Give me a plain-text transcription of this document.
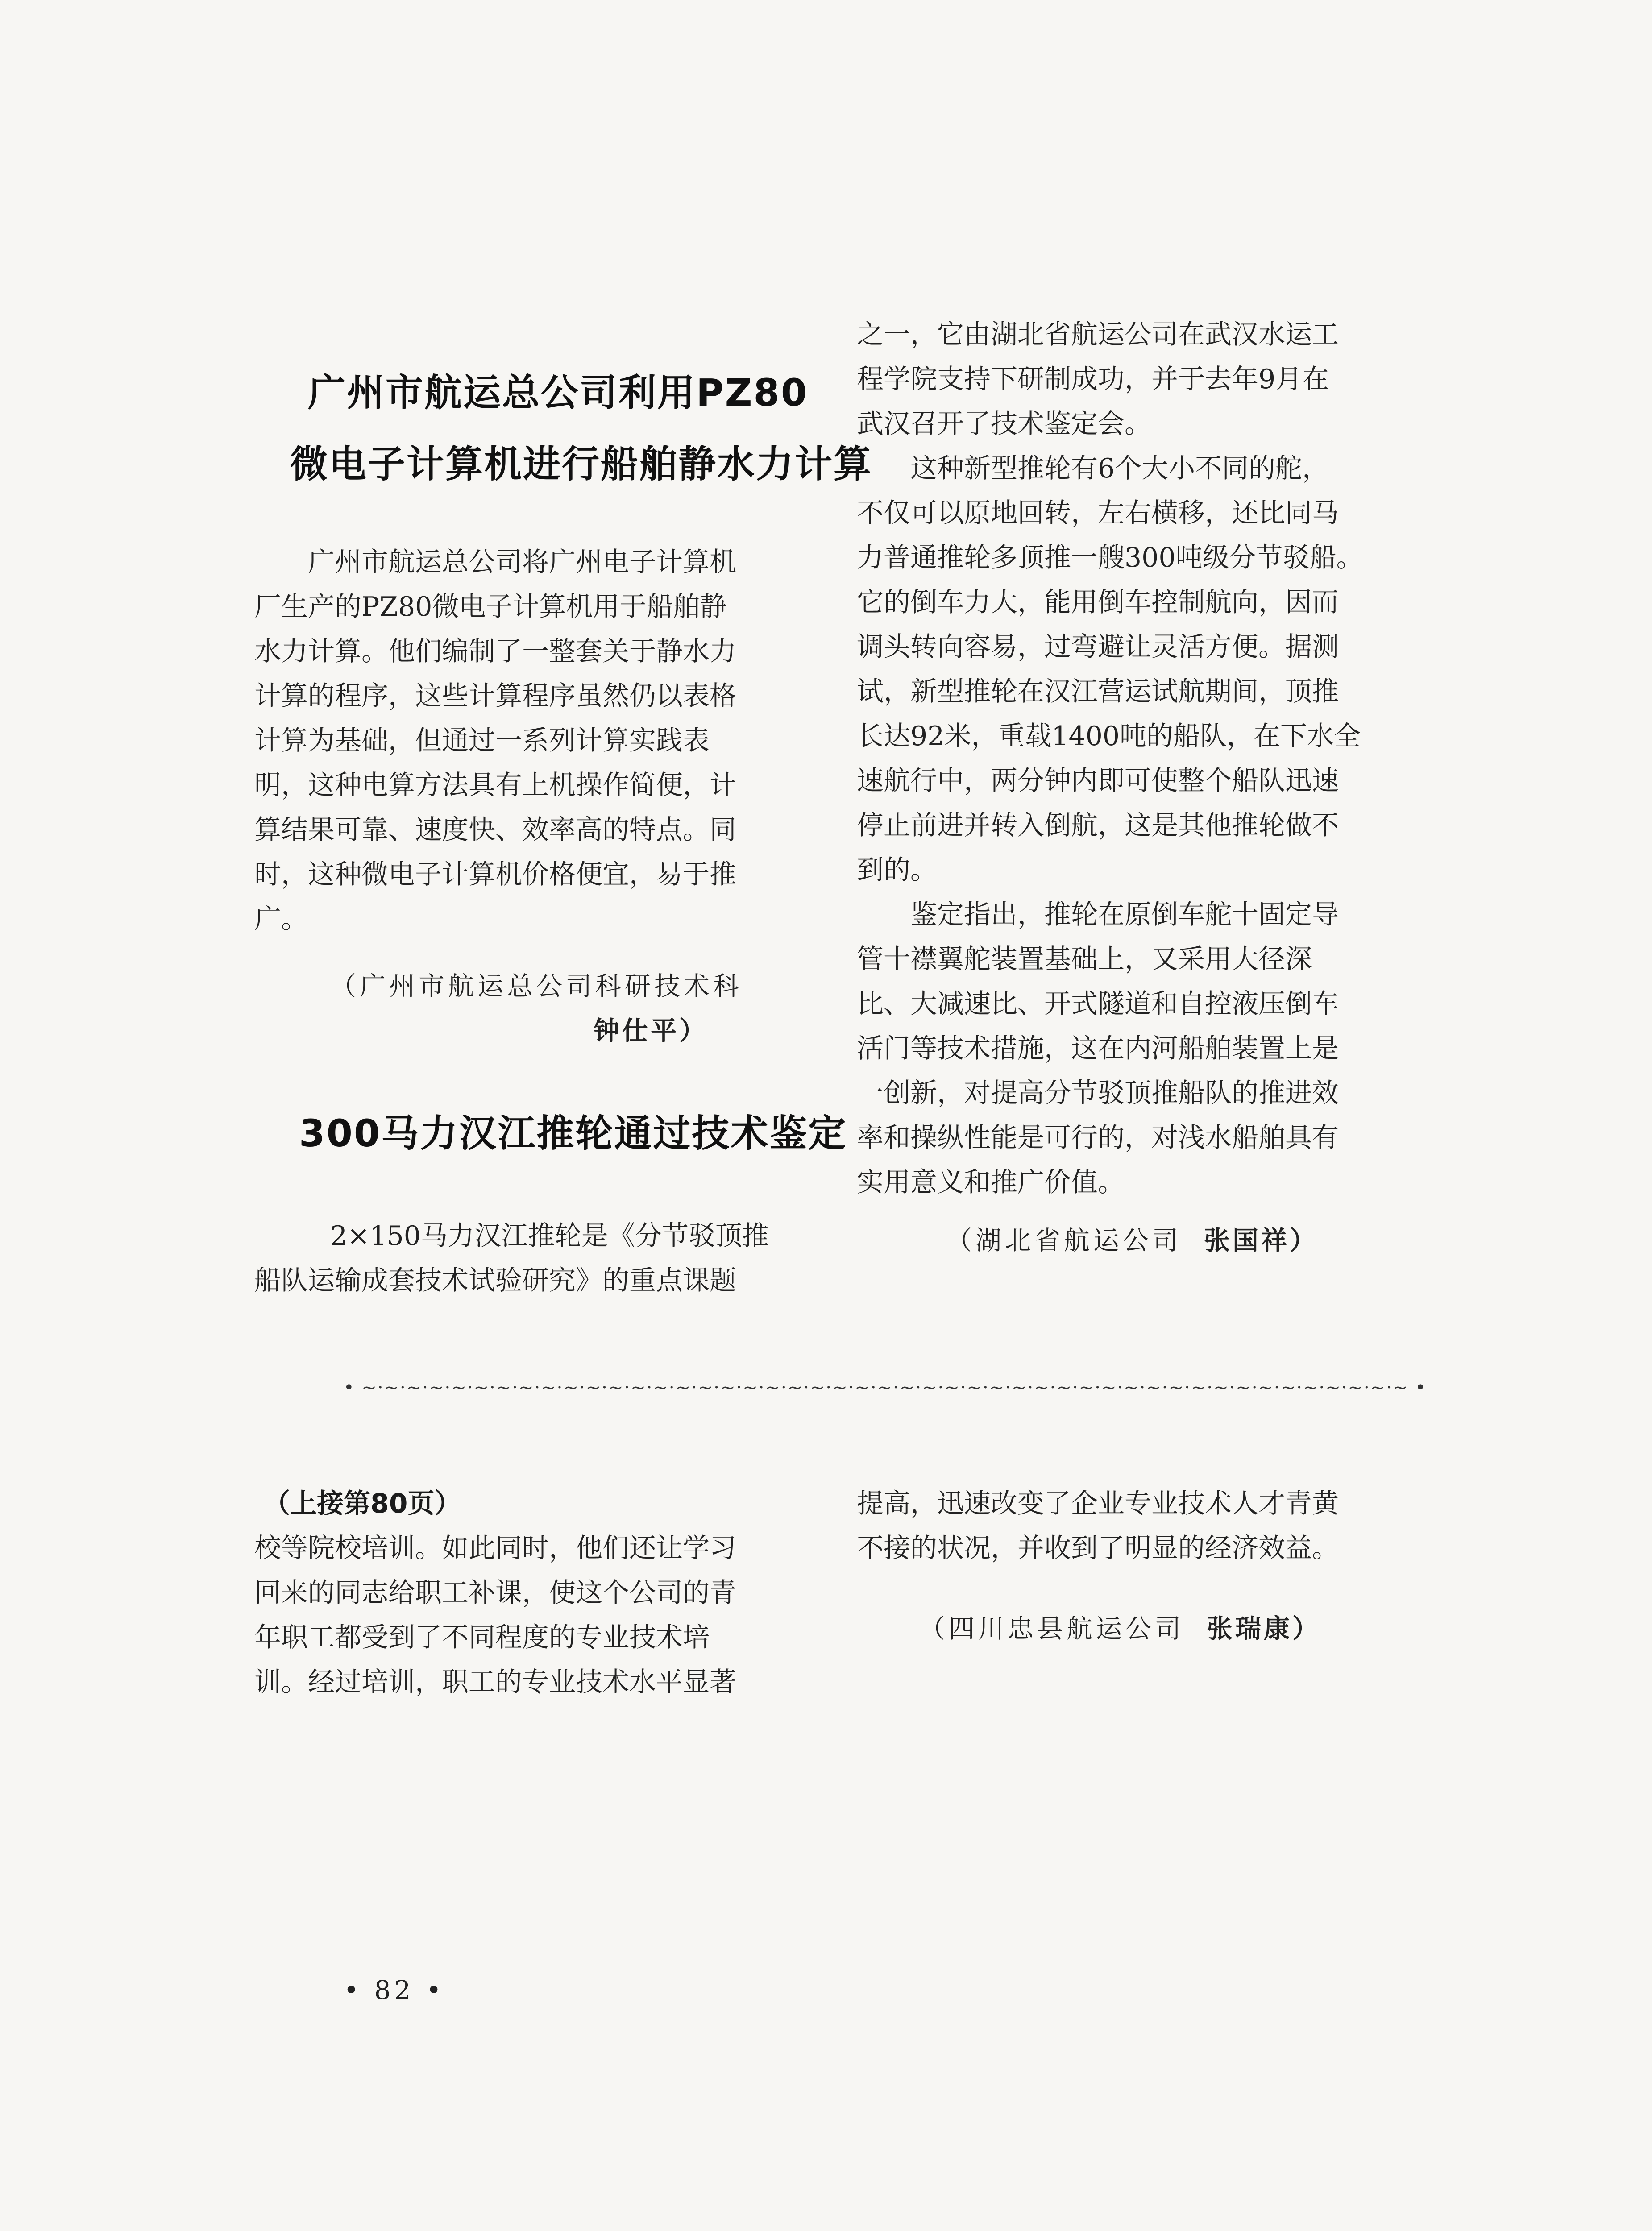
广州市航运总公司利用PZ80
微电子计算机进行船舶静水力计算
广州市航运总公司将广州电子计算机
厂生产的PZ80微电子计算机用于船舶静
水力计算。他们编制了一整套关于静水力
计算的程序，这些计算程序虽然仍以表格
计算为基础，但通过一系列计算实践表
明，这种电算方法具有上机操作简便，计
算结果可靠、速度快、效率高的特点。同
时，这种微电子计算机价格便宜，易于推
广。
（广州市航运总公司科研技术科
钟仕平）
300马力汉江推轮通过技术鉴定
2×150马力汉江推轮是《分节驳顶推
船队运输成套技术试验研究》的重点课题
之一，它由湖北省航运公司在武汉水运工
程学院支持下研制成功，并于去年9月在
武汉召开了技术鉴定会。
这种新型推轮有6个大小不同的舵，
不仅可以原地回转，左右横移，还比同马
力普通推轮多顶推一艘300吨级分节驳船。
它的倒车力大，能用倒车控制航向，因而
调头转向容易，过弯避让灵活方便。据测
试，新型推轮在汉江营运试航期间，顶推
长达92米，重载1400吨的船队，在下水全
速航行中，两分钟内即可使整个船队迅速
停止前进并转入倒航，这是其他推轮做不
到的。
鉴定指出，推轮在原倒车舵十固定导
管十襟翼舵装置基础上，又采用大径深
比、大减速比、开式隧道和自控液压倒车
活门等技术措施，这在内河船舶装置上是
一创新，对提高分节驳顶推船队的推进效
率和操纵性能是可行的，对浅水船舶具有
实用意义和推广价值。
（湖北省航运公司 张国祥）
• ~·~·~·~·~·~·~·~·~·~·~·~·~·~·~·~·~·~·~·~·~·~·~·~·~·~·~·~·~·~·~·~·~·~·~·~·~·~·~·~·~·~·~·~·~·~·~ •
（上接第80页）
校等院校培训。如此同时，他们还让学习
回来的同志给职工补课，使这个公司的青
年职工都受到了不同程度的专业技术培
训。经过培训，职工的专业技术水平显著
提高，迅速改变了企业专业技术人才青黄
不接的状况，并收到了明显的经济效益。
（四川忠县航运公司 张瑞康）
• 82 •
